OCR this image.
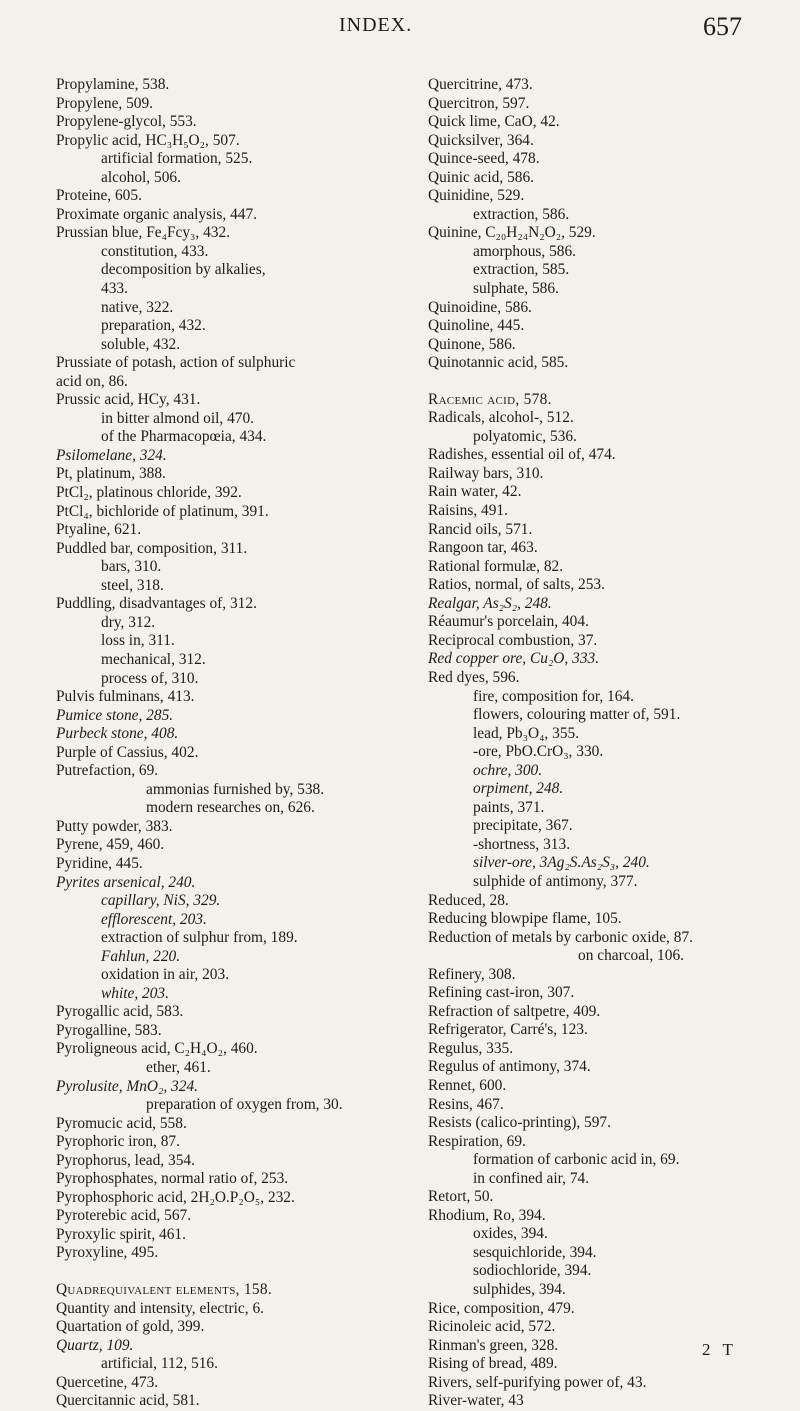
INDEX.	657
Propylamine, 538.
Propylene, 509.
Propylene-glycol, 553.
Propylic acid, HC₃H₅O₂, 507.
artificial formation, 525.
alcohol, 506.
Proteine, 605.
Proximate organic analysis, 447.
Prussian blue, Fe₄Fcy₃, 432.
constitution, 433.
decomposition by alkalies,
433.
native, 322.
preparation, 432.
soluble, 432.
Prussiate of potash, action of sulphuric
acid on, 86.
Prussic acid, HCy, 431.
in bitter almond oil, 470.
of the Pharmacopœia, 434.
Psilomelane, 324.
Pt, platinum, 388.
PtCl₂, platinous chloride, 392.
PtCl₄, bichloride of platinum, 391.
Ptyaline, 621.
Puddled bar, composition, 311.
bars, 310.
steel, 318.
Puddling, disadvantages of, 312.
dry, 312.
loss in, 311.
mechanical, 312.
process of, 310.
Pulvis fulminans, 413.
Pumice stone, 285.
Purbeck stone, 408.
Purple of Cassius, 402.
Putrefaction, 69.
ammonias furnished by, 538.
modern researches on, 626.
Putty powder, 383.
Pyrene, 459, 460.
Pyridine, 445.
Pyrites arsenical, 240.
capillary, NiS, 329.
efflorescent, 203.
extraction of sulphur from, 189.
Fahlun, 220.
oxidation in air, 203.
white, 203.
Pyrogallic acid, 583.
Pyrogalline, 583.
Pyroligneous acid, C₂H₄O₂, 460.
ether, 461.
Pyrolusite, MnO₂, 324.
preparation of oxygen from, 30.
Pyromucic acid, 558.
Pyrophoric iron, 87.
Pyrophorus, lead, 354.
Pyrophosphates, normal ratio of, 253.
Pyrophosphoric acid, 2H₂O.P₂O₅, 232.
Pyroterebic acid, 567.
Pyroxylic spirit, 461.
Pyroxyline, 495.
Quadrequivalent elements, 158.
Quantity and intensity, electric, 6.
Quartation of gold, 399.
Quartz, 109.
artificial, 112, 516.
Quercetine, 473.
Quercitannic acid, 581.
Quercitrine, 473.
Quercitron, 597.
Quick lime, CaO, 42.
Quicksilver, 364.
Quince-seed, 478.
Quinic acid, 586.
Quinidine, 529.
extraction, 586.
Quinine, C₂₀H₂₄N₂O₂, 529.
amorphous, 586.
extraction, 585.
sulphate, 586.
Quinoidine, 586.
Quinoline, 445.
Quinone, 586.
Quinotannic acid, 585.
Racemic acid, 578.
Radicals, alcohol-, 512.
polyatomic, 536.
Radishes, essential oil of, 474.
Railway bars, 310.
Rain water, 42.
Raisins, 491.
Rancid oils, 571.
Rangoon tar, 463.
Rational formulæ, 82.
Ratios, normal, of salts, 253.
Realgar, As₂S₂, 248.
Réaumur's porcelain, 404.
Reciprocal combustion, 37.
Red copper ore, Cu₂O, 333.
Red dyes, 596.
fire, composition for, 164.
flowers, colouring matter of, 591.
lead, Pb₃O₄, 355.
-ore, PbO.CrO₃, 330.
ochre, 300.
orpiment, 248.
paints, 371.
precipitate, 367.
-shortness, 313.
silver-ore, 3Ag₂S.As₂S₃, 240.
sulphide of antimony, 377.
Reduced, 28.
Reducing blowpipe flame, 105.
Reduction of metals by carbonic oxide, 87.
on charcoal, 106.
Refinery, 308.
Refining cast-iron, 307.
Refraction of saltpetre, 409.
Refrigerator, Carré's, 123.
Regulus, 335.
Regulus of antimony, 374.
Rennet, 600.
Resins, 467.
Resists (calico-printing), 597.
Respiration, 69.
formation of carbonic acid in, 69.
in confined air, 74.
Retort, 50.
Rhodium, Ro, 394.
oxides, 394.
sesquichloride, 394.
sodiochloride, 394.
sulphides, 394.
Rice, composition, 479.
Ricinoleic acid, 572.
Rinman's green, 328.
Rising of bread, 489.
Rivers, self-purifying power of, 43.
River-water, 43
2 T
